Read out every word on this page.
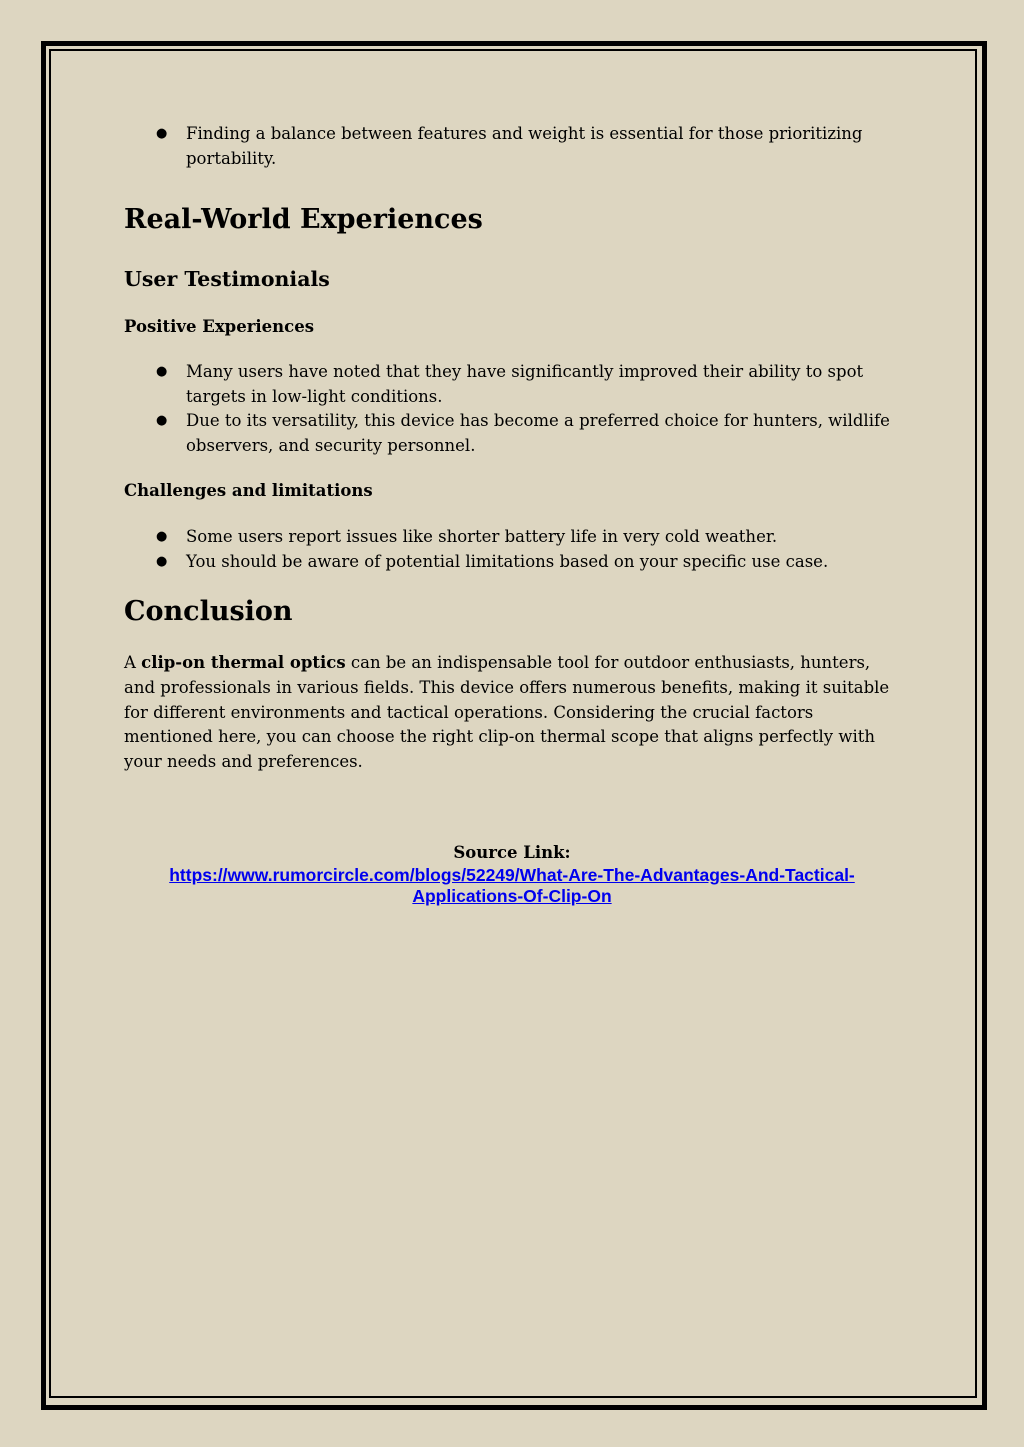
● Finding a balance between features and weight is essential for those prioritizing portability.
Real-World Experiences
User Testimonials
Positive Experiences
● Many users have noted that they have significantly improved their ability to spot targets in low-light conditions.
● Due to its versatility, this device has become a preferred choice for hunters, wildlife observers, and security personnel.
Challenges and limitations
● Some users report issues like shorter battery life in very cold weather.
● You should be aware of potential limitations based on your specific use case.
Conclusion

A clip-on thermal optics can be an indispensable tool for outdoor enthusiasts, hunters, and professionals in various fields. This device offers numerous benefits, making it suitable for different environments and tactical operations. Considering the crucial factors mentioned here, you can choose the right clip-on thermal scope that aligns perfectly with your needs and preferences.

Source Link:
https://www.rumorcircle.com/blogs/52249/What-Are-The-Advantages-And-Tactical-
Applications-Of-Clip-On
